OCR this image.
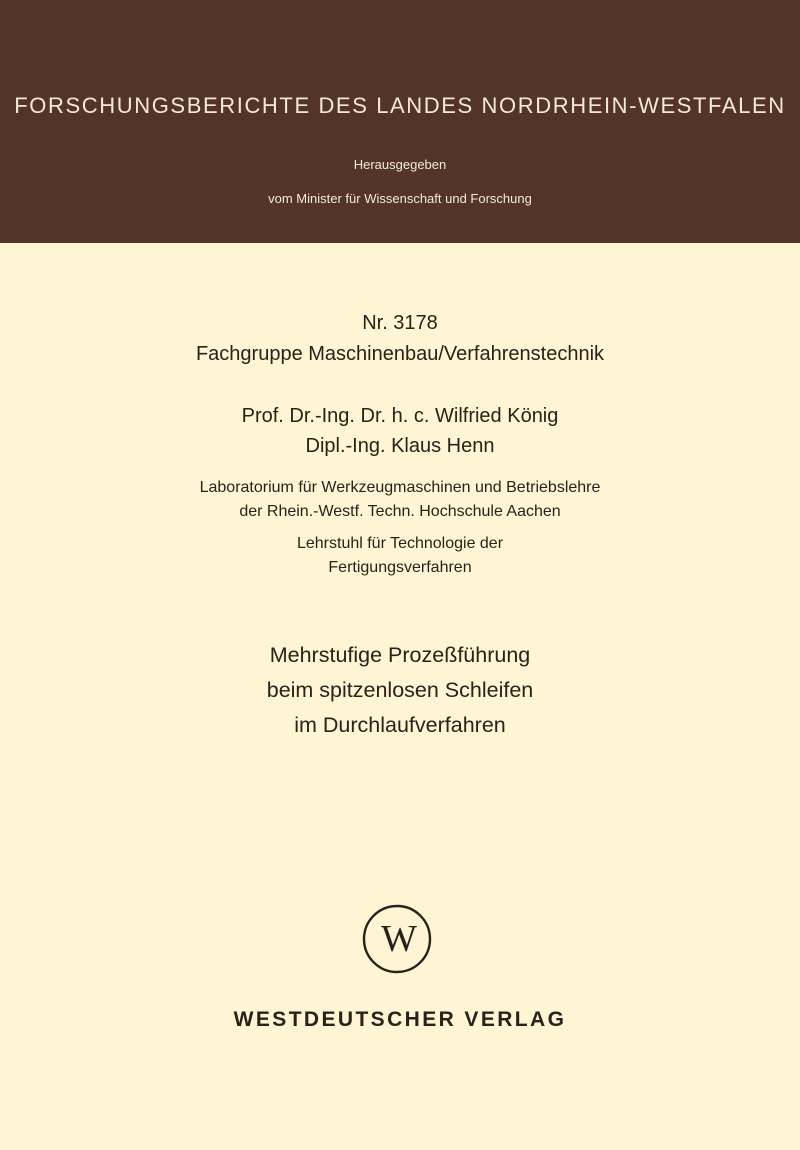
FORSCHUNGSBERICHTE DES LANDES NORDRHEIN-WESTFALEN
Herausgegeben
vom Minister für Wissenschaft und Forschung
Nr. 3178
Fachgruppe Maschinenbau/Verfahrenstechnik
Prof. Dr.-Ing. Dr. h. c. Wilfried König
Dipl.-Ing. Klaus Henn
Laboratorium für Werkzeugmaschinen und Betriebslehre
der Rhein.-Westf. Techn. Hochschule Aachen
Lehrstuhl für Technologie der
Fertigungsverfahren
Mehrstufige Prozeßführung
beim spitzenlosen Schleifen
im Durchlaufverfahren
W
WESTDEUTSCHER VERLAG
